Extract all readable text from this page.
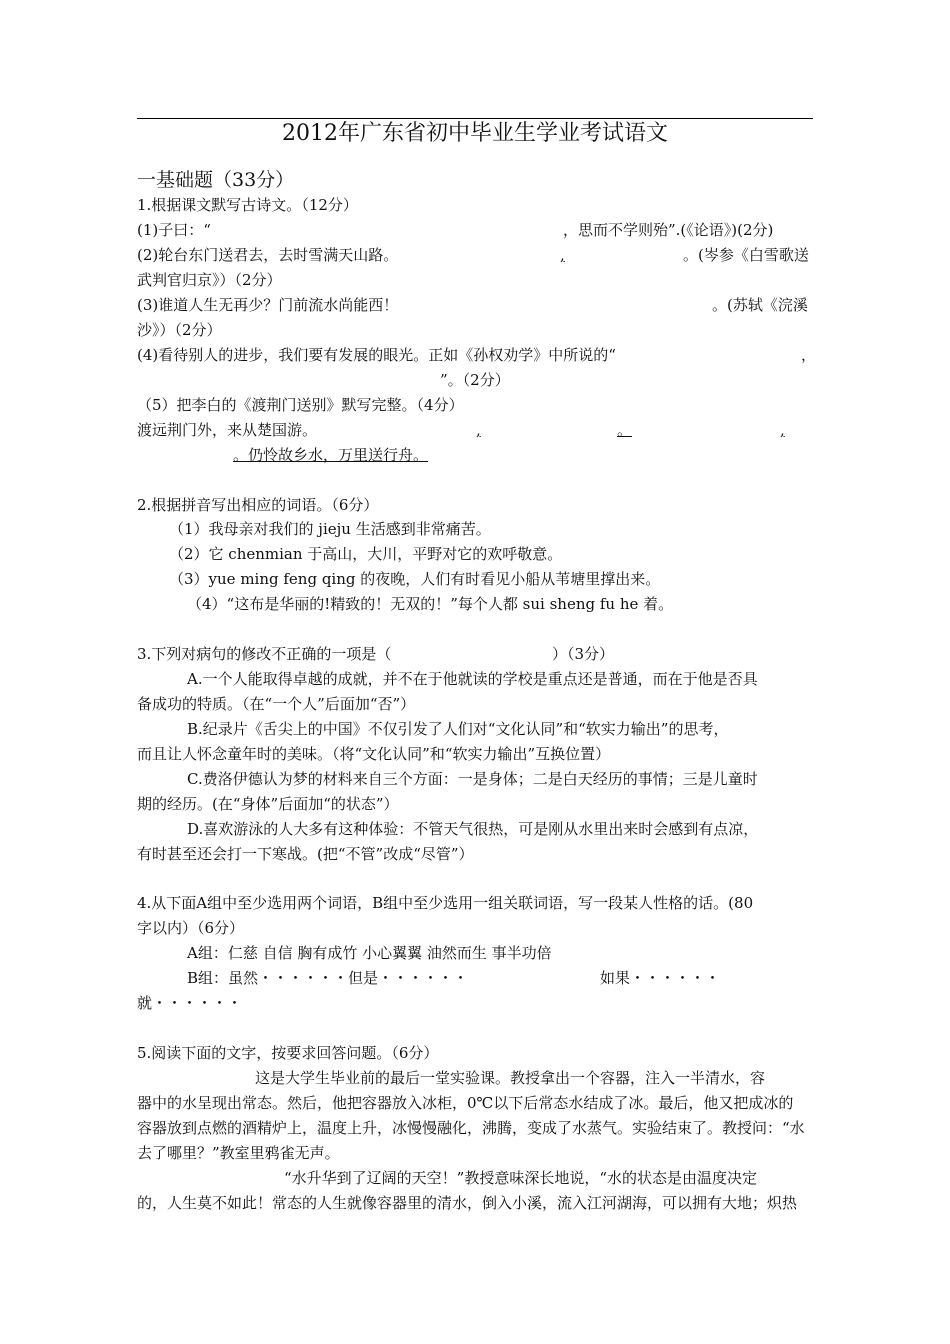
2012年广东省初中毕业生学业考试语文
一基础题（33分）
1.根据课文默写古诗文。（12分）
(1)子曰：“	，思而不学则殆”.(《论语》)(2分)
(2)轮台东门送君去，去时雪满天山路。	,	。(岑参《白雪歌送
武判官归京》）（2分）
(3)谁道人生无再少？门前流水尚能西！	。(苏轼《浣溪
沙》）（2分）
(4)看待别人的进步，我们要有发展的眼光。正如《孙权劝学》中所说的“	，
”。（2分）
（5）把李白的《渡荆门送别》默写完整。（4分）
渡远荆门外，来从楚国游。	,	。	,
。仍怜故乡水，万里送行舟。
2.根据拼音写出相应的词语。（6分）
（1）我母亲对我们的 jieju 生活感到非常痛苦。
（2）它 chenmian 于高山，大川，平野对它的欢呼敬意。
（3）yue ming feng qing 的夜晚，人们有时看见小船从苇塘里撑出来。
（4）“这布是华丽的!精致的！无双的！”每个人都 sui sheng fu he 着。
3.下列对病句的修改不正确的一项是（	）（3分）
A.一个人能取得卓越的成就，并不在于他就读的学校是重点还是普通，而在于他是否具
备成功的特质。（在“一个人”后面加“否”）
B.纪录片《舌尖上的中国》不仅引发了人们对“文化认同”和“软实力输出”的思考，
而且让人怀念童年时的美味。（将“文化认同”和“软实力输出”互换位置）
C.费洛伊德认为梦的材料来自三个方面：一是身体；二是白天经历的事情；三是儿童时
期的经历。(在“身体”后面加“的状态”）
D.喜欢游泳的人大多有这种体验：不管天气很热，可是刚从水里出来时会感到有点凉，
有时甚至还会打一下寒战。(把“不管”改成“尽管”）
4.从下面A组中至少选用两个词语，B组中至少选用一组关联词语，写一段某人性格的话。(80
字以内）（6分）
A组：仁慈 自信 胸有成竹 小心翼翼 油然而生 事半功倍
B组：虽然・・・・・・但是・・・・・・	如果・・・・・・
就・・・・・・
5.阅读下面的文字，按要求回答问题。（6分）
这是大学生毕业前的最后一堂实验课。教授拿出一个容器，注入一半清水，容
器中的水呈现出常态。然后，他把容器放入冰柜，0℃以下后常态水结成了冰。最后，他又把成冰的
容器放到点燃的酒精炉上，温度上升，冰慢慢融化，沸腾，变成了水蒸气。实验结束了。教授问：“水
去了哪里？”教室里鸦雀无声。
“水升华到了辽阔的天空！”教授意味深长地说，“水的状态是由温度决定
的，人生莫不如此！常态的人生就像容器里的清水，倒入小溪，流入江河湖海，可以拥有大地；炽热
